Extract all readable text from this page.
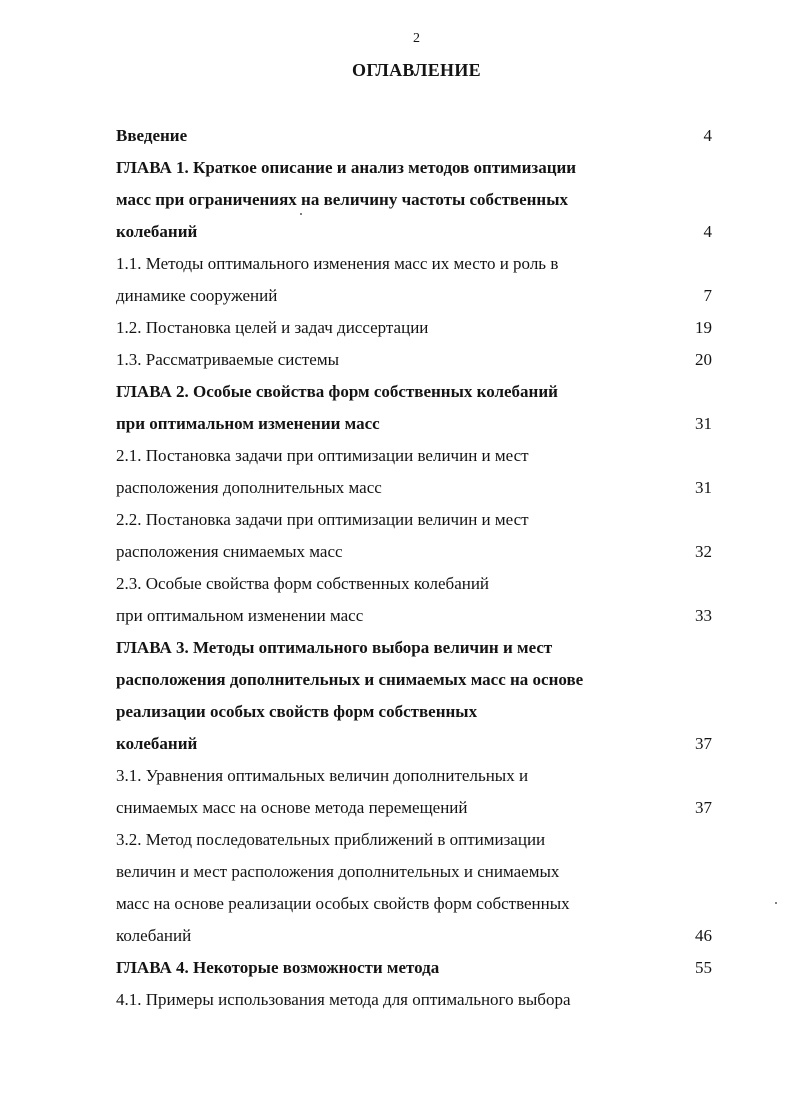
2
ОГЛАВЛЕНИЕ
Введение	4
ГЛАВА 1. Краткое описание и анализ методов оптимизации
масс при ограничениях на величину частоты собственных
колебаний	4
1.1. Методы оптимального изменения масс их место и роль в
динамике сооружений	7
1.2. Постановка целей и задач диссертации	19
1.3. Рассматриваемые системы	20
ГЛАВА 2. Особые свойства форм собственных колебаний
при оптимальном изменении масс	31
2.1. Постановка задачи при оптимизации величин и мест
расположения дополнительных масс	31
2.2. Постановка задачи при оптимизации величин и мест
расположения снимаемых масс	32
2.3. Особые свойства форм собственных колебаний
при оптимальном изменении масс	33
ГЛАВА 3. Методы оптимального выбора величин и мест
расположения дополнительных и снимаемых масс на основе
реализации особых свойств форм собственных
колебаний	37
3.1. Уравнения оптимальных величин дополнительных и
снимаемых масс на основе метода перемещений	37
3.2. Метод последовательных приближений в оптимизации
величин и мест расположения дополнительных и снимаемых
масс на основе реализации особых свойств форм собственных
колебаний	46
ГЛАВА 4. Некоторые возможности метода	55
4.1. Примеры использования метода для оптимального выбора
